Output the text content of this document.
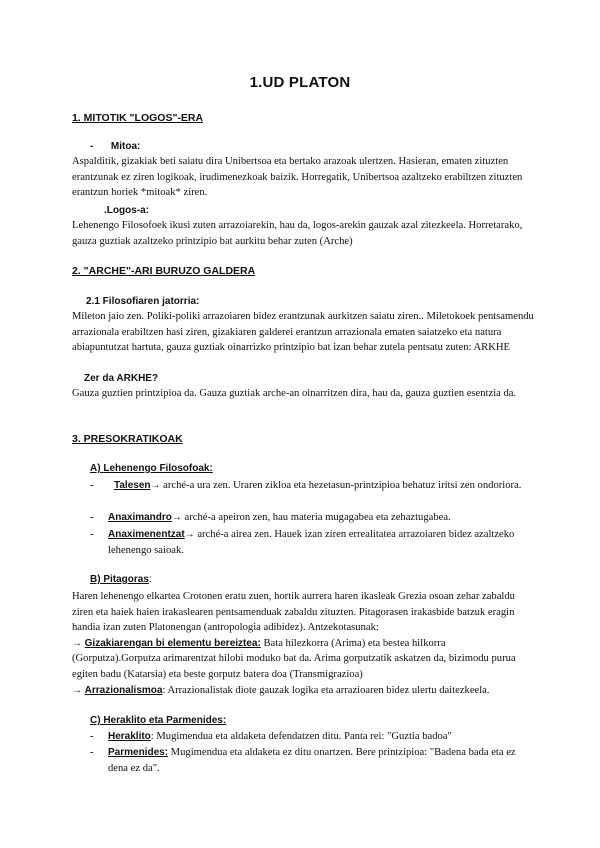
1.UD PLATON
1. MITOTIK "LOGOS"-ERA
- Mitoa:
Aspalditik, gizakiak beti saiatu dira Unibertsoa eta bertako arazoak ulertzen. Hasieran, ematen zituzten erantzunak ez ziren logikoak, irudimenezkoak baizik. Horregatik, Unibertsoa azaltzeko erabiltzen zituzten erantzun horiek *mitoak* ziren.
.Logos-a:
Lehenengo Filosofoek ikusi zuten arrazoiarekin, hau da, logos-arekin gauzak azal zitezkeela. Horretarako, gauza guztiak azaltzeko printzipio bat aurkitu behar zuten (Arche)
2. "ARCHE"-ARI BURUZO GALDERA
2.1 Filosofiaren jatorria:
Mileton jaio zen. Poliki-poliki arrazoiaren bidez erantzunak aurkitzen saiatu ziren.. Miletokoek pentsamendu arrazionala erabiltzen hasi ziren, gizakiaren galderei erantzun arrazionala ematen saiatzeko eta natura abiapuntutzat hartuta, gauza guztiak oinarrizko printzipio bat izan behar zutela pentsatu zuten: ARKHE
Zer da ARKHE?
Gauza guztien printzipioa da. Gauza guztiak arche-an oinarritzen dira, hau da, gauza guztien esentzia da.
3. PRESOKRATIKOAK
A) Lehenengo Filosofoak:
-	Talesen→ arché-a ura zen. Uraren zikloa eta hezetasun-printzipioa behatuz iritsi zen ondoriora.
- Anaximandro→ arché-a apeiron zen, hau materia mugagabea eta zehaztugabea.
- Anaximenentzat→ arché-a airea zen. Hauek izan ziren errealitatea arrazoiaren bidez azaltzeko lehenengo saioak.
B) Pitagoras:
Haren lehenengo elkartea Crotonen eratu zuen, hortik aurrera haren ikasleak Grezia osoan zehar zabaldu ziren eta haiek haien irakaslearen pentsamenduak zabaldu zituzten. Pitagorasen irakasbide batzuk eragin handia izan zuten Platonengan (antropologia adibidez). Antzekotasunak:
→ Gizakiarengan bi elementu bereiztea: Bata hilezkorra (Arima) eta bestea hilkorra (Gorputza).Gorputza arimarentzat hilobi moduko bat da. Arima gorputzatik askatzen da, bizimodu purua egiten badu (Katarsia) eta beste gorputz batera doa (Transmigrazioa)
→ Arrazionalismoa: Arrazionalistak diote gauzak logika eta arrazioaren bidez ulertu daitezkeela.
C) Heraklito eta Parmenides:
- Heraklito: Mugimendua eta aldaketa defendatzen ditu. Panta rei: "Guztia badoa"
- Parmenides: Mugimendua eta aldaketa ez ditu onartzen. Bere printzipioa: "Badena bada eta ez dena ez da".
